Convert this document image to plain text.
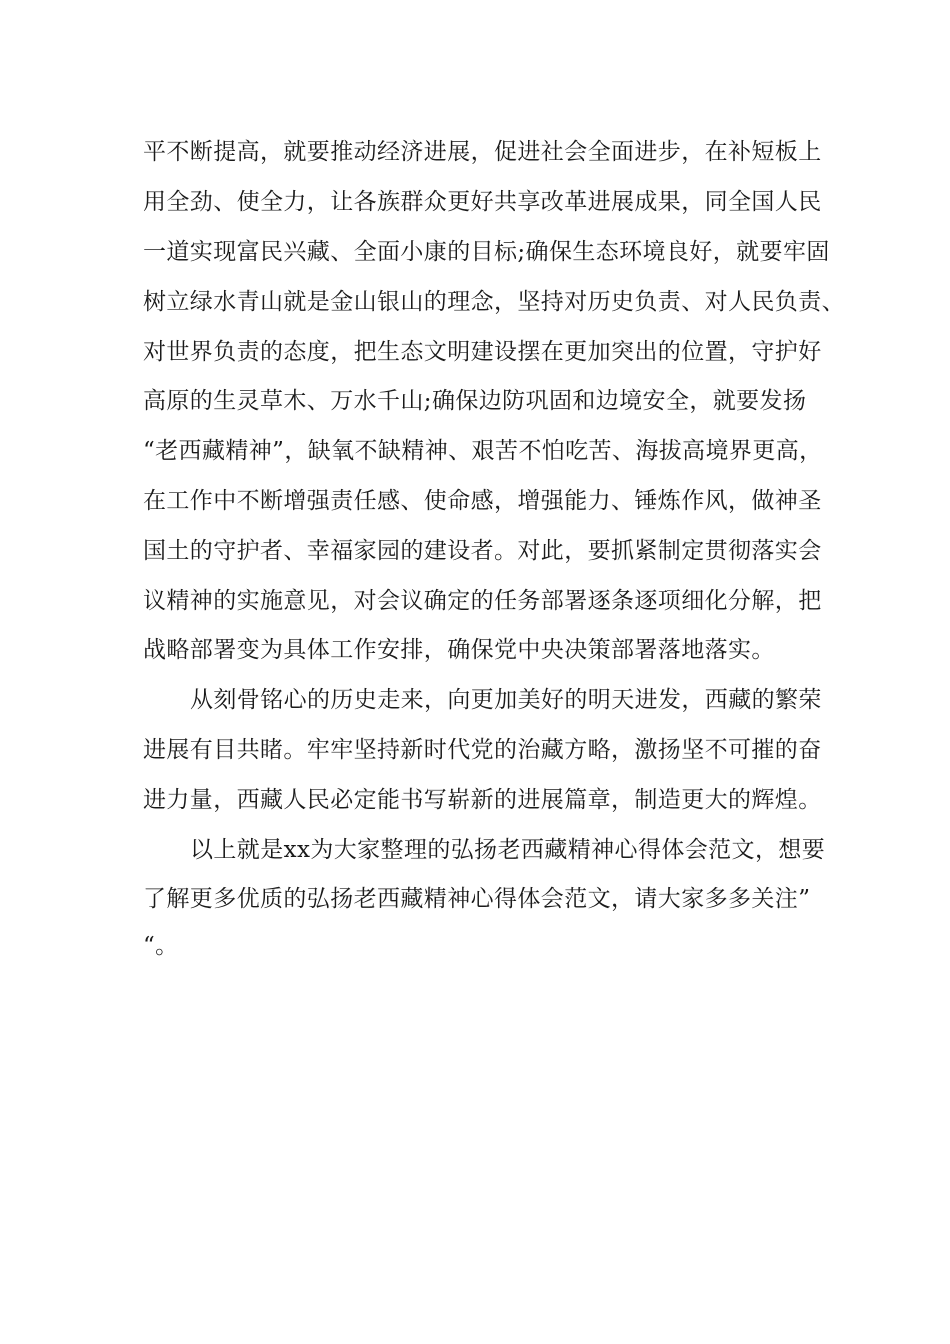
平不断提高，就要推动经济进展，促进社会全面进步，在补短板上
用全劲、使全力，让各族群众更好共享改革进展成果，同全国人民
一道实现富民兴藏、全面小康的目标;确保生态环境良好，就要牢固
树立绿水青山就是金山银山的理念，坚持对历史负责、对人民负责、
对世界负责的态度，把生态文明建设摆在更加突出的位置，守护好
高原的生灵草木、万水千山;确保边防巩固和边境安全，就要发扬
“老西藏精神”，缺氧不缺精神、艰苦不怕吃苦、海拔高境界更高，
在工作中不断增强责任感、使命感，增强能力、锤炼作风，做神圣
国土的守护者、幸福家园的建设者。对此，要抓紧制定贯彻落实会
议精神的实施意见，对会议确定的任务部署逐条逐项细化分解，把
战略部署变为具体工作安排，确保党中央决策部署落地落实。
从刻骨铭心的历史走来，向更加美好的明天进发，西藏的繁荣
进展有目共睹。牢牢坚持新时代党的治藏方略，激扬坚不可摧的奋
进力量，西藏人民必定能书写崭新的进展篇章，制造更大的辉煌。
以上就是xx为大家整理的弘扬老西藏精神心得体会范文，想要
了解更多优质的弘扬老西藏精神心得体会范文，请大家多多关注”
“。
